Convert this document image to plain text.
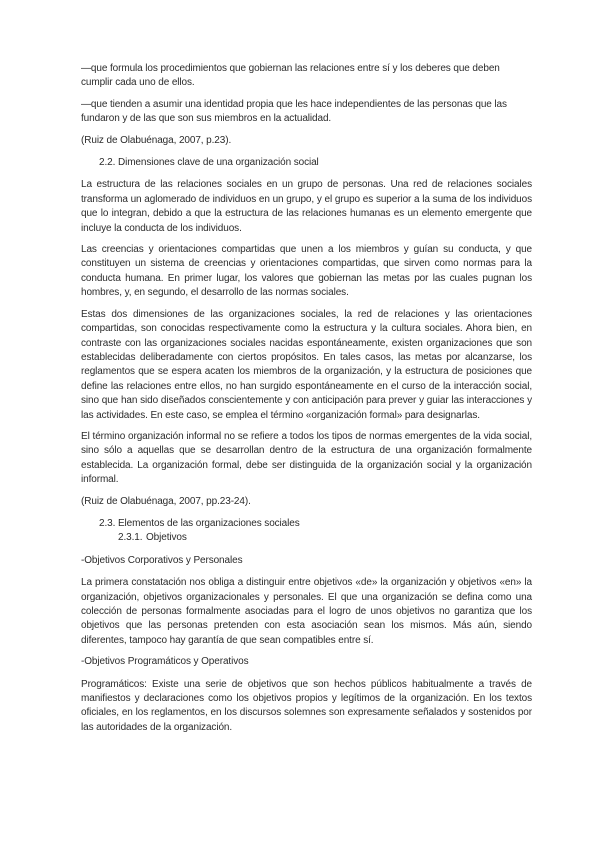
—que formula los procedimientos que gobiernan las relaciones entre sí y los deberes que deben cumplir cada uno de ellos.

—que tienden a asumir una identidad propia que les hace independientes de las personas que las fundaron y de las que son sus miembros en la actualidad.

(Ruiz de Olabuénaga, 2007, p.23).

2.2. Dimensiones clave de una organización social

La estructura de las relaciones sociales en un grupo de personas. Una red de relaciones sociales transforma un aglomerado de individuos en un grupo, y el grupo es superior a la suma de los individuos que lo integran, debido a que la estructura de las relaciones humanas es un elemento emergente que incluye la conducta de los individuos.

Las creencias y orientaciones compartidas que unen a los miembros y guían su conducta, y que constituyen un sistema de creencias y orientaciones compartidas, que sirven como normas para la conducta humana. En primer lugar, los valores que gobiernan las metas por las cuales pugnan los hombres, y, en segundo, el desarrollo de las normas sociales.

Estas dos dimensiones de las organizaciones sociales, la red de relaciones y las orientaciones compartidas, son conocidas respectivamente como la estructura y la cultura sociales. Ahora bien, en contraste con las organizaciones sociales nacidas espontáneamente, existen organizaciones que son establecidas deliberadamente con ciertos propósitos. En tales casos, las metas por alcanzarse, los reglamentos que se espera acaten los miembros de la organización, y la estructura de posiciones que define las relaciones entre ellos, no han surgido espontáneamente en el curso de la interacción social, sino que han sido diseñados conscientemente y con anticipación para prever y guiar las interacciones y las actividades. En este caso, se emplea el término «organización formal» para designarlas.

El término organización informal no se refiere a todos los tipos de normas emergentes de la vida social, sino sólo a aquellas que se desarrollan dentro de la estructura de una organización formalmente establecida. La organización formal, debe ser distinguida de la organización social y la organización informal.

(Ruiz de Olabuénaga, 2007, pp.23-24).

2.3. Elementos de las organizaciones sociales

2.3.1. Objetivos

-Objetivos Corporativos y Personales

La primera constatación nos obliga a distinguir entre objetivos «de» la organización y objetivos «en» la organización, objetivos organizacionales y personales. El que una organización se defina como una colección de personas formalmente asociadas para el logro de unos objetivos no garantiza que los objetivos que las personas pretenden con esta asociación sean los mismos. Más aún, siendo diferentes, tampoco hay garantía de que sean compatibles entre sí.

-Objetivos Programáticos y Operativos

Programáticos: Existe una serie de objetivos que son hechos públicos habitualmente a través de manifiestos y declaraciones como los objetivos propios y legítimos de la organización. En los textos oficiales, en los reglamentos, en los discursos solemnes son expresamente señalados y sostenidos por las autoridades de la organización.
